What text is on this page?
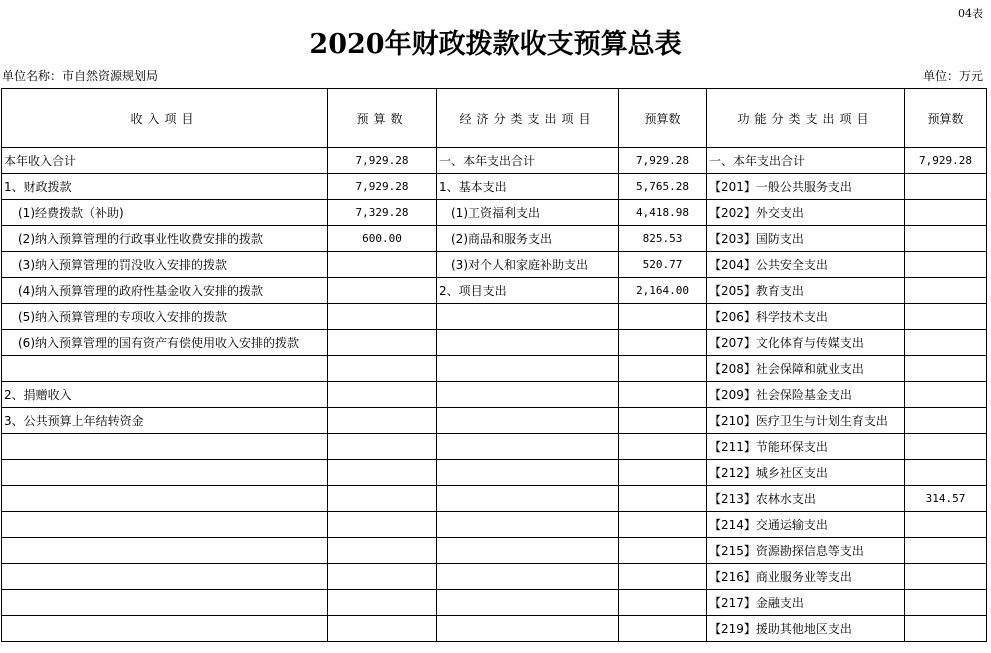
04表
2020年财政拨款收支预算总表
单位名称：市自然资源规划局	单位：万元
收入项目	预算数	经济分类支出项目	预算数	功能分类支出项目	预算数
本年收入合计	7,929.28	一、本年支出合计	7,929.28	一、本年支出合计	7,929.28
1、财政拨款	7,929.28	1、基本支出	5,765.28	【201】一般公共服务支出	
(1)经费拨款（补助)	7,329.28	(1)工资福利支出	4,418.98	【202】外交支出	
(2)纳入预算管理的行政事业性收费安排的拨款	600.00	(2)商品和服务支出	825.53	【203】国防支出	
(3)纳入预算管理的罚没收入安排的拨款		(3)对个人和家庭补助支出	520.77	【204】公共安全支出	
(4)纳入预算管理的政府性基金收入安排的拨款		2、项目支出	2,164.00	【205】教育支出	
(5)纳入预算管理的专项收入安排的拨款				【206】科学技术支出	
(6)纳入预算管理的国有资产有偿使用收入安排的拨款				【207】文化体育与传媒支出	
				【208】社会保障和就业支出	
2、捐赠收入				【209】社会保险基金支出	
3、公共预算上年结转资金				【210】医疗卫生与计划生育支出	
				【211】节能环保支出	
				【212】城乡社区支出	
				【213】农林水支出	314.57
				【214】交通运输支出	
				【215】资源勘探信息等支出	
				【216】商业服务业等支出	
				【217】金融支出	
				【219】援助其他地区支出	
